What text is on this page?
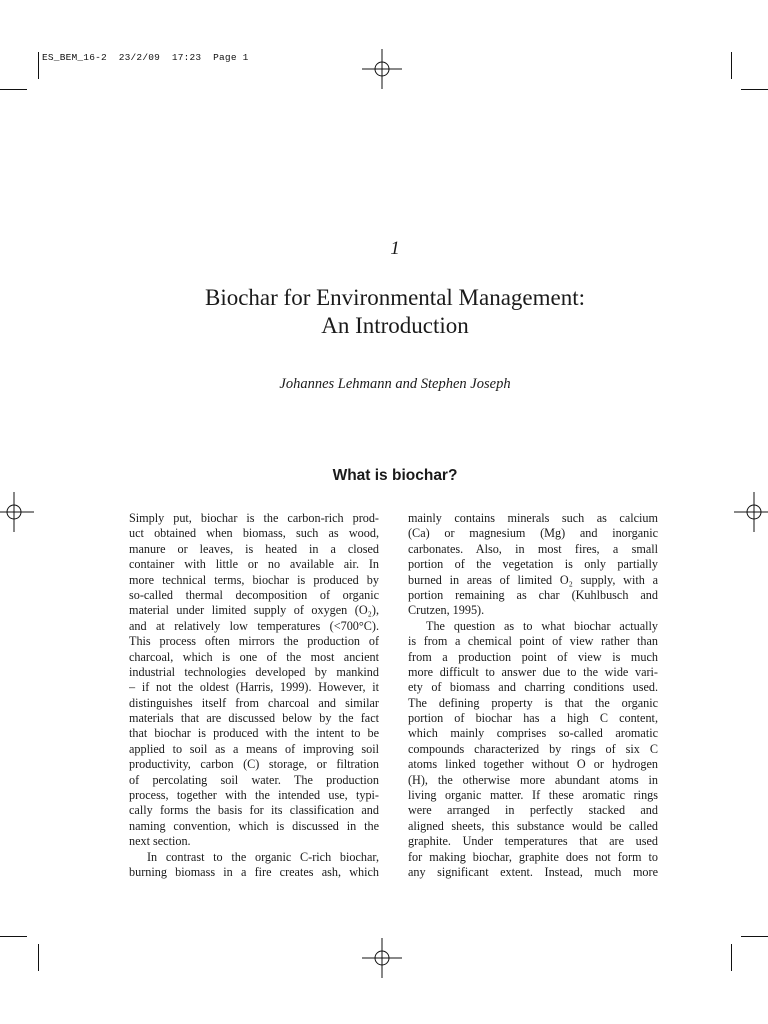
ES_BEM_16-2  23/2/09  17:23  Page 1
1
Biochar for Environmental Management:
An Introduction
Johannes Lehmann and Stephen Joseph
What is biochar?
Simply put, biochar is the carbon-rich prod-
uct obtained when biomass, such as wood,
manure or leaves, is heated in a closed
container with little or no available air. In
more technical terms, biochar is produced by
so-called thermal decomposition of organic
material under limited supply of oxygen (O₂),
and at relatively low temperatures (<700°C).
This process often mirrors the production of
charcoal, which is one of the most ancient
industrial technologies developed by mankind
– if not the oldest (Harris, 1999). However, it
distinguishes itself from charcoal and similar
materials that are discussed below by the fact
that biochar is produced with the intent to be
applied to soil as a means of improving soil
productivity, carbon (C) storage, or filtration
of percolating soil water. The production
process, together with the intended use, typi-
cally forms the basis for its classification and
naming convention, which is discussed in the
next section.
In contrast to the organic C-rich biochar,
burning biomass in a fire creates ash, which
mainly contains minerals such as calcium
(Ca) or magnesium (Mg) and inorganic
carbonates. Also, in most fires, a small
portion of the vegetation is only partially
burned in areas of limited O₂ supply, with a
portion remaining as char (Kuhlbusch and
Crutzen, 1995).
The question as to what biochar actually
is from a chemical point of view rather than
from a production point of view is much
more difficult to answer due to the wide vari-
ety of biomass and charring conditions used.
The defining property is that the organic
portion of biochar has a high C content,
which mainly comprises so-called aromatic
compounds characterized by rings of six C
atoms linked together without O or hydrogen
(H), the otherwise more abundant atoms in
living organic matter. If these aromatic rings
were arranged in perfectly stacked and
aligned sheets, this substance would be called
graphite. Under temperatures that are used
for making biochar, graphite does not form to
any significant extent. Instead, much more
